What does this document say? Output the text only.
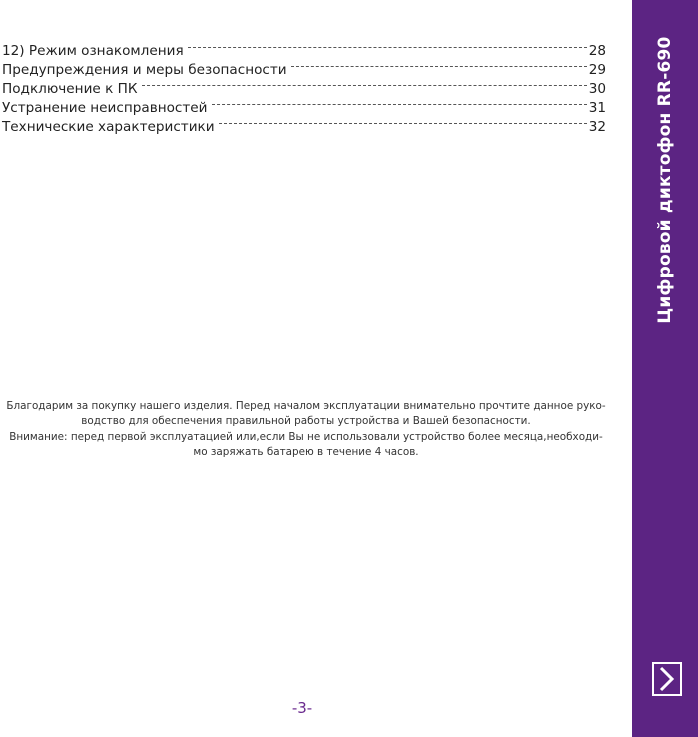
12) Режим ознакомления	28
Предупреждения и меры безопасности	29
Подключение к ПК	30
Устранение неисправностей	31
Технические характеристики	32

Благодарим за покупку нашего изделия. Перед началом эксплуатации внимательно прочтите данное руко-

водство для обеспечения правильной работы устройства и Вашей безопасности.

Внимание: перед первой эксплуатацией или,если Вы не использовали устройство более месяца,необходи-

мо заряжать батарею в течение 4 часов.

-3-
Цифровой диктофон RR-690
